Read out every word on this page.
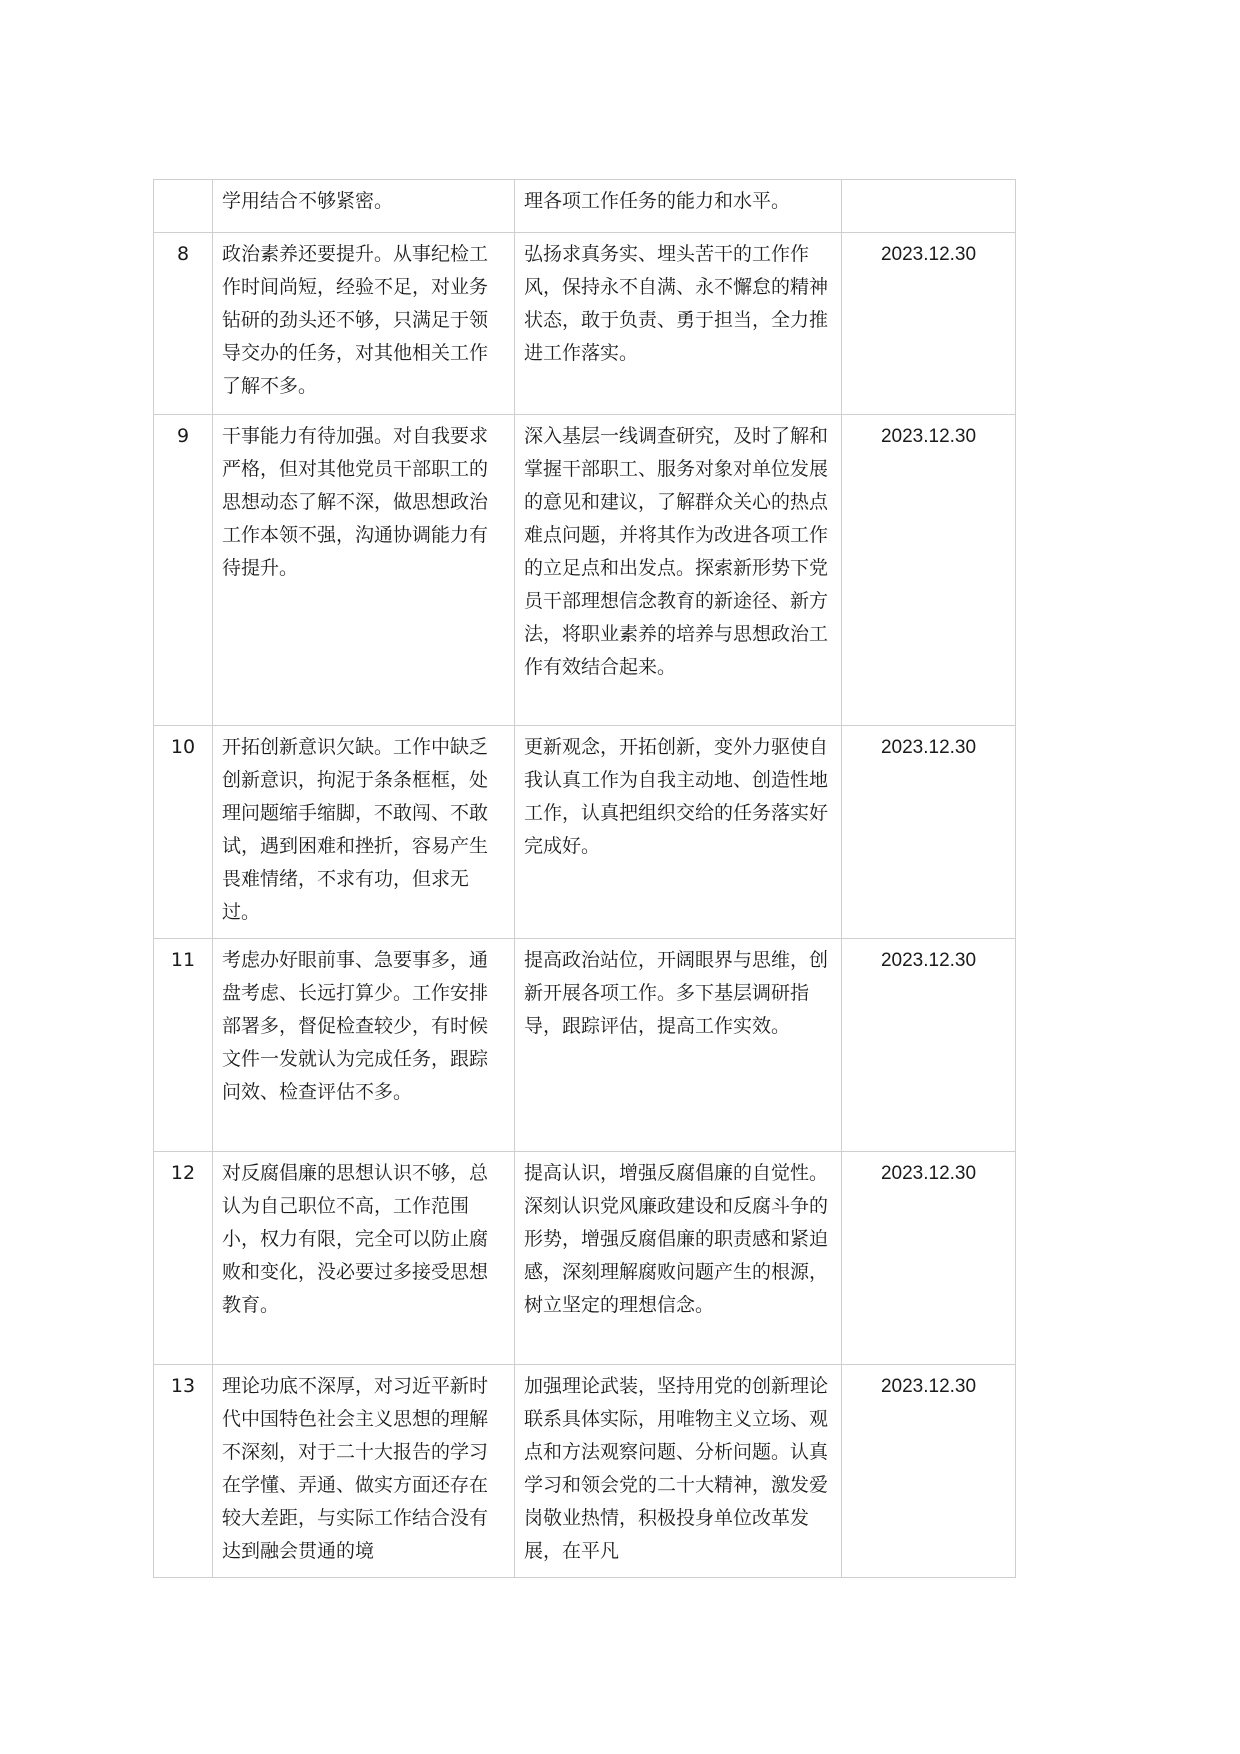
	学用结合不够紧密。	理各项工作任务的能力和水平。	
8	政治素养还要提升。从事纪检工作时间尚短，经验不足，对业务钻研的劲头还不够，只满足于领导交办的任务，对其他相关工作了解不多。	弘扬求真务实、埋头苦干的工作作风，保持永不自满、永不懈怠的精神状态，敢于负责、勇于担当，全力推进工作落实。	2023.12.30
9	干事能力有待加强。对自我要求严格，但对其他党员干部职工的思想动态了解不深，做思想政治工作本领不强，沟通协调能力有待提升。	深入基层一线调查研究，及时了解和掌握干部职工、服务对象对单位发展的意见和建议，了解群众关心的热点难点问题，并将其作为改进各项工作的立足点和出发点。探索新形势下党员干部理想信念教育的新途径、新方法，将职业素养的培养与思想政治工作有效结合起来。	2023.12.30
10	开拓创新意识欠缺。工作中缺乏创新意识，拘泥于条条框框，处理问题缩手缩脚，不敢闯、不敢试，遇到困难和挫折，容易产生畏难情绪，不求有功，但求无过。	更新观念，开拓创新，变外力驱使自我认真工作为自我主动地、创造性地工作，认真把组织交给的任务落实好完成好。	2023.12.30
11	考虑办好眼前事、急要事多，通盘考虑、长远打算少。工作安排部署多，督促检查较少，有时候文件一发就认为完成任务，跟踪问效、检查评估不多。	提高政治站位，开阔眼界与思维，创新开展各项工作。多下基层调研指导，跟踪评估，提高工作实效。	2023.12.30
12	对反腐倡廉的思想认识不够，总认为自己职位不高，工作范围小，权力有限，完全可以防止腐败和变化，没必要过多接受思想教育。	提高认识，增强反腐倡廉的自觉性。深刻认识党风廉政建设和反腐斗争的形势，增强反腐倡廉的职责感和紧迫感，深刻理解腐败问题产生的根源，树立坚定的理想信念。	2023.12.30
13	理论功底不深厚，对习近平新时代中国特色社会主义思想的理解不深刻，对于二十大报告的学习在学懂、弄通、做实方面还存在较大差距，与实际工作结合没有达到融会贯通的境	加强理论武装，坚持用党的创新理论联系具体实际，用唯物主义立场、观点和方法观察问题、分析问题。认真学习和领会党的二十大精神，激发爱岗敬业热情，积极投身单位改革发展，在平凡	2023.12.30
